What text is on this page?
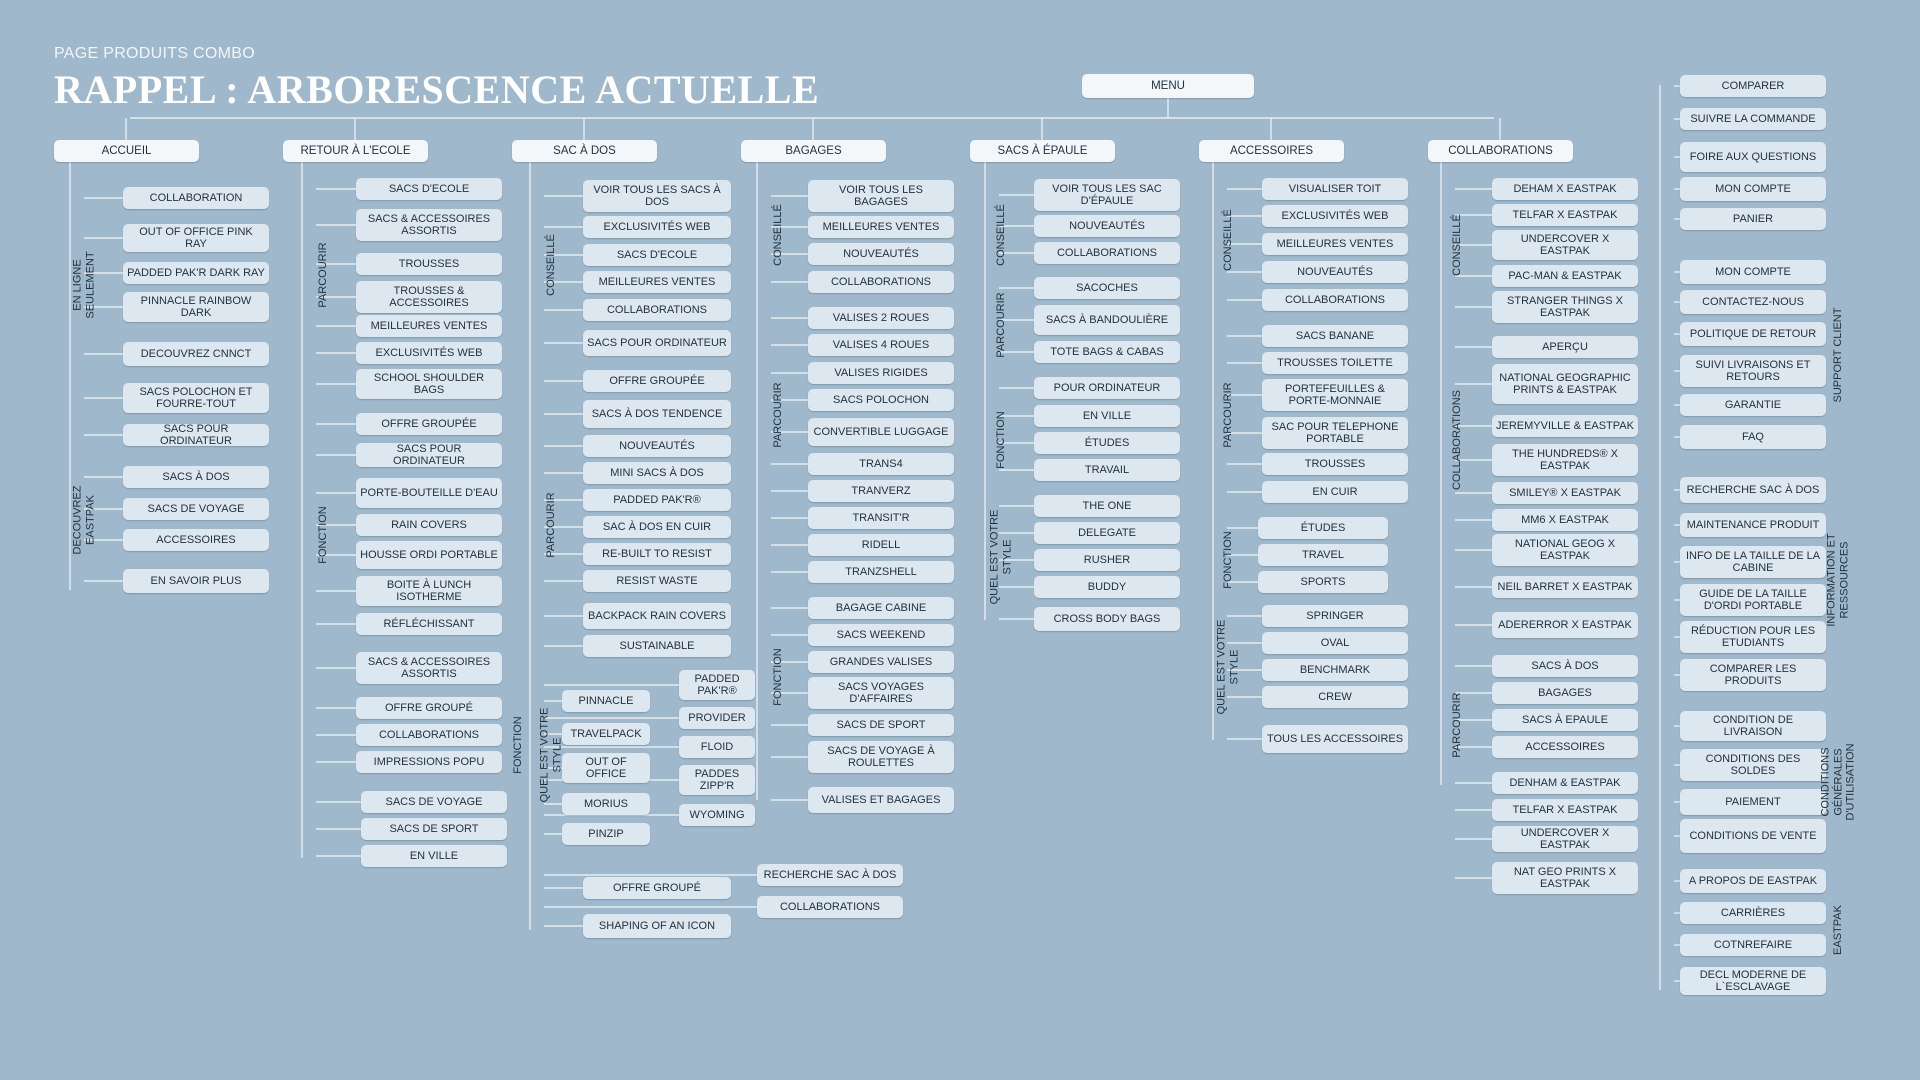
PAGE PRODUITS COMBO
RAPPEL : ARBORESCENCE ACTUELLE	MENU
ACCUEIL	RETOUR À L'ECOLE	SAC À DOS	BAGAGES	SACS À ÉPAULE	ACCESSOIRES	COLLABORATIONS
COLLABORATION
OUT OF OFFICE PINK RAY
PADDED PAK'R DARK RAY
PINNACLE RAINBOW DARK
DECOUVREZ CNNCT
SACS POLOCHON ET FOURRE-TOUT
SACS POUR ORDINATEUR
SACS À DOS
SACS DE VOYAGE
ACCESSOIRES
EN SAVOIR PLUS
SACS D'ECOLE
SACS & ACCESSOIRES ASSORTIS
TROUSSES
TROUSSES & ACCESSOIRES
MEILLEURES VENTES
EXCLUSIVITÉS WEB
SCHOOL SHOULDER BAGS
OFFRE GROUPÉE
SACS POUR ORDINATEUR
PORTE-BOUTEILLE D'EAU
RAIN COVERS
HOUSSE ORDI PORTABLE
BOITE À LUNCH ISOTHERME
RÉFLÉCHISSANT
SACS & ACCESSOIRES ASSORTIS
OFFRE GROUPÉ
COLLABORATIONS
IMPRESSIONS POPU
SACS DE VOYAGE
SACS DE SPORT
EN VILLE
VOIR TOUS LES SACS À DOS
EXCLUSIVITÉS WEB
SACS D'ECOLE
MEILLEURES VENTES
COLLABORATIONS
SACS POUR ORDINATEUR
OFFRE GROUPÉE
SACS À DOS TENDENCE
NOUVEAUTÉS
MINI SACS À DOS
PADDED PAK'R®
SAC À DOS EN CUIR
RE-BUILT TO RESIST
RESIST WASTE
BACKPACK RAIN COVERS
SUSTAINABLE
PINNACLE
TRAVELPACK
OUT OF OFFICE
MORIUS
PINZIP
PADDED PAK'R®
PROVIDER
FLOID
PADDES ZIPP'R
WYOMING
OFFRE GROUPÉ
SHAPING OF AN ICON
RECHERCHE SAC À DOS
COLLABORATIONS
VOIR TOUS LES BAGAGES
MEILLEURES VENTES
NOUVEAUTÉS
COLLABORATIONS
VALISES 2 ROUES
VALISES 4 ROUES
VALISES RIGIDES
SACS POLOCHON
CONVERTIBLE LUGGAGE
TRANS4
TRANVERZ
TRANSIT'R
RIDELL
TRANZSHELL
BAGAGE CABINE
SACS WEEKEND
GRANDES VALISES
SACS VOYAGES D'AFFAIRES
SACS DE SPORT
SACS DE VOYAGE À ROULETTES
VALISES ET BAGAGES
VOIR TOUS LES SAC D'ÉPAULE
NOUVEAUTÉS
COLLABORATIONS
SACOCHES
SACS À BANDOULIÈRE
TOTE BAGS & CABAS
POUR ORDINATEUR
EN VILLE
ÉTUDES
TRAVAIL
THE ONE
DELEGATE
RUSHER
BUDDY
CROSS BODY BAGS
VISUALISER TOIT
EXCLUSIVITÉS WEB
MEILLEURES VENTES
NOUVEAUTÉS
COLLABORATIONS
SACS BANANE
TROUSSES TOILETTE
PORTEFEUILLES & PORTE-MONNAIE
SAC POUR TELEPHONE PORTABLE
TROUSSES
EN CUIR
ÉTUDES
TRAVEL
SPORTS
SPRINGER
OVAL
BENCHMARK
CREW
TOUS LES ACCESSOIRES
DEHAM X EASTPAK
TELFAR X EASTPAK
UNDERCOVER X EASTPAK
PAC-MAN & EASTPAK
STRANGER THINGS X EASTPAK
APERÇU
NATIONAL GEOGRAPHIC PRINTS & EASTPAK
JEREMYVILLE & EASTPAK
THE HUNDREDS® X EASTPAK
SMILEY® X EASTPAK
MM6 X EASTPAK
NATIONAL GEOG X EASTPAK
NEIL BARRET X EASTPAK
ADERERROR X EASTPAK
SACS À DOS
BAGAGES
SACS À EPAULE
ACCESSOIRES
DENHAM & EASTPAK
TELFAR X EASTPAK
UNDERCOVER X EASTPAK
NAT GEO PRINTS X EASTPAK
COMPARER
SUIVRE LA COMMANDE
FOIRE AUX QUESTIONS
MON COMPTE
PANIER
MON COMPTE
CONTACTEZ-NOUS
POLITIQUE DE RETOUR
SUIVI LIVRAISONS ET RETOURS
GARANTIE
FAQ
RECHERCHE SAC À DOS
MAINTENANCE PRODUIT
INFO DE LA TAILLE DE LA CABINE
GUIDE DE LA TAILLE D'ORDI PORTABLE
RÉDUCTION POUR LES ETUDIANTS
COMPARER LES PRODUITS
CONDITION DE LIVRAISON
CONDITIONS DES SOLDES
PAIEMENT
CONDITIONS DE VENTE
A PROPOS DE EASTPAK
CARRIÈRES
COTNREFAIRE
DECL MODERNE DE L`ESCLAVAGE
EN LIGNE SEULEMENT
DECOUVREZ EASTPAK
PARCOURIR
FONCTION
CONSEILLÉ
PARCOURIR
FONCTION QUEL EST VOTRE STYLE
CONSEILLÉ
PARCOURIR
FONCTION
CONSEILLÉ
PARCOURIR
FONCTION
QUEL EST VOTRE STYLE
CONSEILLÉ
PARCOURIR
FONCTION
QUEL EST VOTRE STYLE
CONSEILLÉ
COLLABORATIONS
PARCOURIR
SUPPORT CLIENT
INFORMATION ET RESSOURCES
CONDITIONS GÉNÉRALES D'UTILISATION
EASTPAK
